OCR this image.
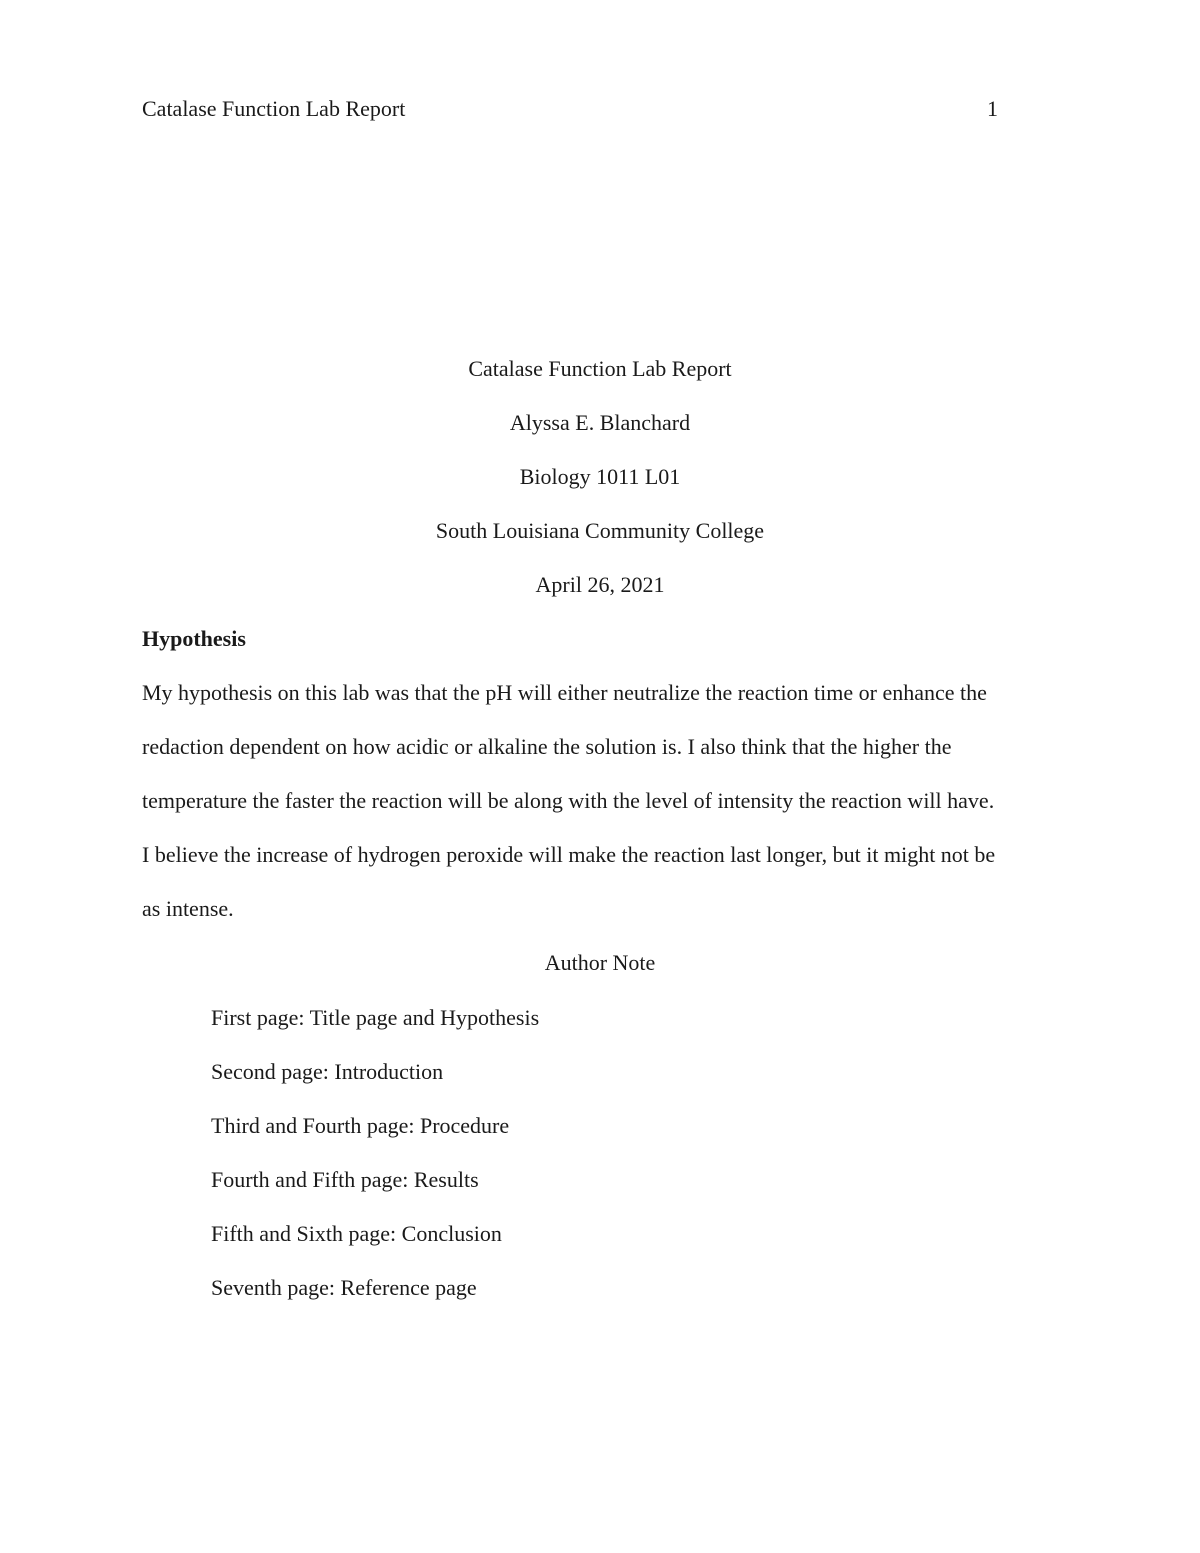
Catalase Function Lab Report	1
Catalase Function Lab Report
Alyssa E. Blanchard
Biology 1011 L01
South Louisiana Community College
April 26, 2021
Hypothesis
My hypothesis on this lab was that the pH will either neutralize the reaction time or enhance the
redaction dependent on how acidic or alkaline the solution is. I also think that the higher the
temperature the faster the reaction will be along with the level of intensity the reaction will have.
I believe the increase of hydrogen peroxide will make the reaction last longer, but it might not be
as intense.
Author Note
First page: Title page and Hypothesis
Second page: Introduction
Third and Fourth page: Procedure
Fourth and Fifth page: Results
Fifth and Sixth page: Conclusion
Seventh page: Reference page
